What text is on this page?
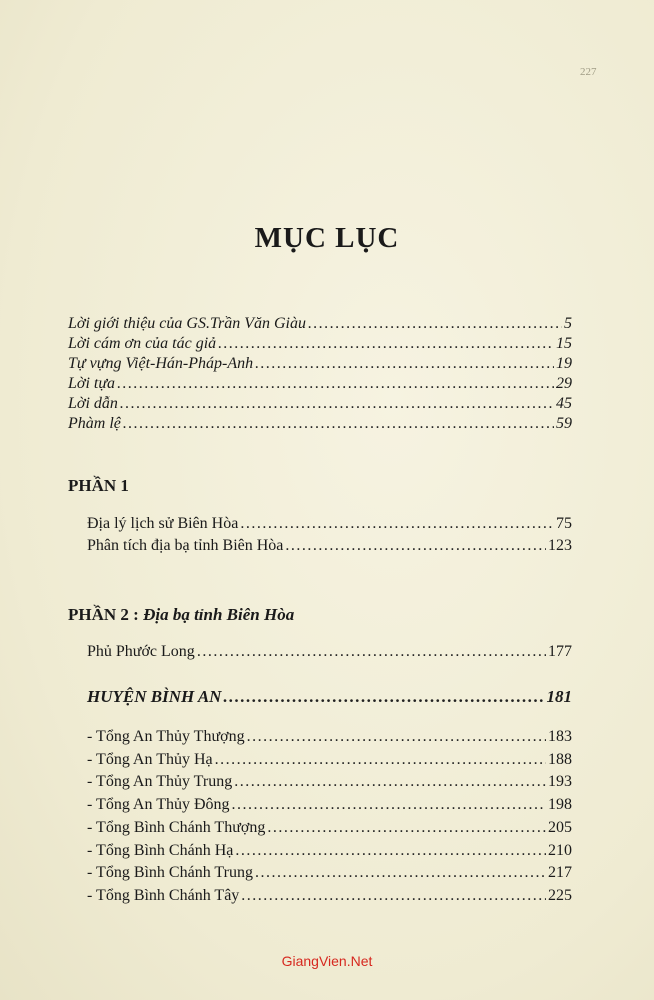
227
MỤC LỤC
Lời giới thiệu của GS.Trần Văn Giàu .....	5
Lời cám ơn của tác giả .....	15
Tự vựng Việt-Hán-Pháp-Anh .....	19
Lời tựa .....	29
Lời dẫn .....	45
Phàm lệ .....	59
PHẦN 1
Địa lý lịch sử Biên Hòa .....	75
Phân tích địa bạ tỉnh Biên Hòa .....	123
PHẦN 2 : Địa bạ tỉnh Biên Hòa
Phủ Phước Long .....	177
HUYỆN BÌNH AN .....	181
- Tổng An Thủy Thượng .....	183
- Tổng An Thủy Hạ .....	188
- Tổng An Thủy Trung .....	193
- Tổng An Thủy Đông .....	198
- Tổng Bình Chánh Thượng .....	205
- Tổng Bình Chánh Hạ .....	210
- Tổng Bình Chánh Trung .....	217
- Tổng Bình Chánh Tây .....	225
GiangVien.Net
